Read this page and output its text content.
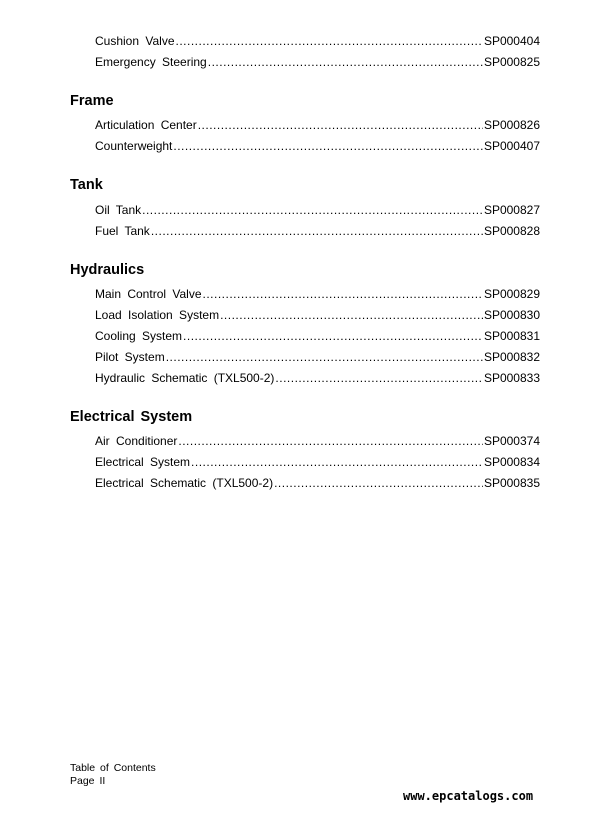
Cushion Valve .....	SP000404
Emergency Steering .....	SP000825
Frame
Articulation Center .....	SP000826
Counterweight .....	SP000407
Tank
Oil Tank .....	SP000827
Fuel Tank .....	SP000828
Hydraulics
Main Control Valve .....	SP000829
Load Isolation System .....	SP000830
Cooling System .....	SP000831
Pilot System .....	SP000832
Hydraulic Schematic (TXL500-2) .....	SP000833
Electrical System
Air Conditioner .....	SP000374
Electrical System .....	SP000834
Electrical Schematic (TXL500-2) .....	SP000835
Table of Contents
Page II
www.epcatalogs.com
